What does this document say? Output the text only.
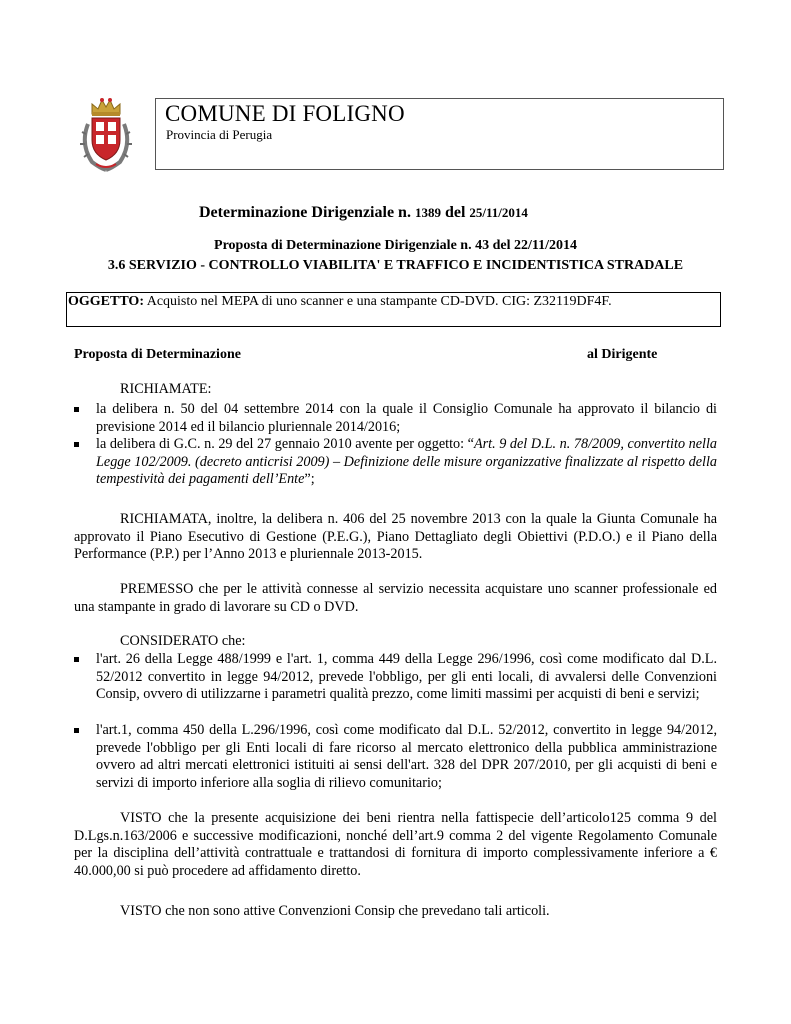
COMUNE DI FOLIGNO
Provincia di Perugia
Determinazione Dirigenziale n. 1389 del 25/11/2014
Proposta di Determinazione Dirigenziale n. 43 del 22/11/2014
3.6 SERVIZIO - CONTROLLO VIABILITA' E TRAFFICO E INCIDENTISTICA STRADALE
OGGETTO: Acquisto nel MEPA di uno scanner e una stampante CD-DVD. CIG: Z32119DF4F.
Proposta di Determinazione	al Dirigente
RICHIAMATE:
la delibera n. 50 del 04 settembre 2014 con la quale il Consiglio Comunale ha approvato il bilancio di previsione 2014 ed il bilancio pluriennale 2014/2016;
la delibera di G.C. n. 29 del 27 gennaio 2010 avente per oggetto: “Art. 9 del D.L. n. 78/2009, convertito nella Legge 102/2009. (decreto anticrisi 2009) – Definizione delle misure organizzative finalizzate al rispetto della tempestività dei pagamenti dell’Ente”;
RICHIAMATA, inoltre, la delibera n. 406 del 25 novembre 2013 con la quale la Giunta Comunale ha approvato il Piano Esecutivo di Gestione (P.E.G.), Piano Dettagliato degli Obiettivi (P.D.O.) e il Piano della Performance (P.P.) per l’Anno 2013 e pluriennale 2013-2015.
PREMESSO che per le attività connesse al servizio necessita acquistare uno scanner professionale ed una stampante in grado di lavorare su CD o DVD.
CONSIDERATO che:
l'art. 26 della Legge 488/1999 e l'art. 1, comma 449 della Legge 296/1996, così come modificato dal D.L. 52/2012 convertito in legge 94/2012, prevede l'obbligo, per gli enti locali, di avvalersi delle Convenzioni Consip, ovvero di utilizzarne i parametri qualità prezzo, come limiti massimi per acquisti di beni e servizi;
l'art.1, comma 450 della L.296/1996, così come modificato dal D.L. 52/2012, convertito in legge 94/2012, prevede l'obbligo per gli Enti locali di fare ricorso al mercato elettronico della pubblica amministrazione ovvero ad altri mercati elettronici istituiti ai sensi dell'art. 328 del DPR 207/2010, per gli acquisti di beni e servizi di importo inferiore alla soglia di rilievo comunitario;
VISTO che la presente acquisizione dei beni rientra nella fattispecie dell’articolo125 comma 9 del D.Lgs.n.163/2006 e successive modificazioni, nonché dell’art.9 comma 2 del vigente Regolamento Comunale per la disciplina dell’attività contrattuale e trattandosi di fornitura di importo complessivamente inferiore a € 40.000,00 si può procedere ad affidamento diretto.
VISTO che non sono attive Convenzioni Consip che prevedano tali articoli.
